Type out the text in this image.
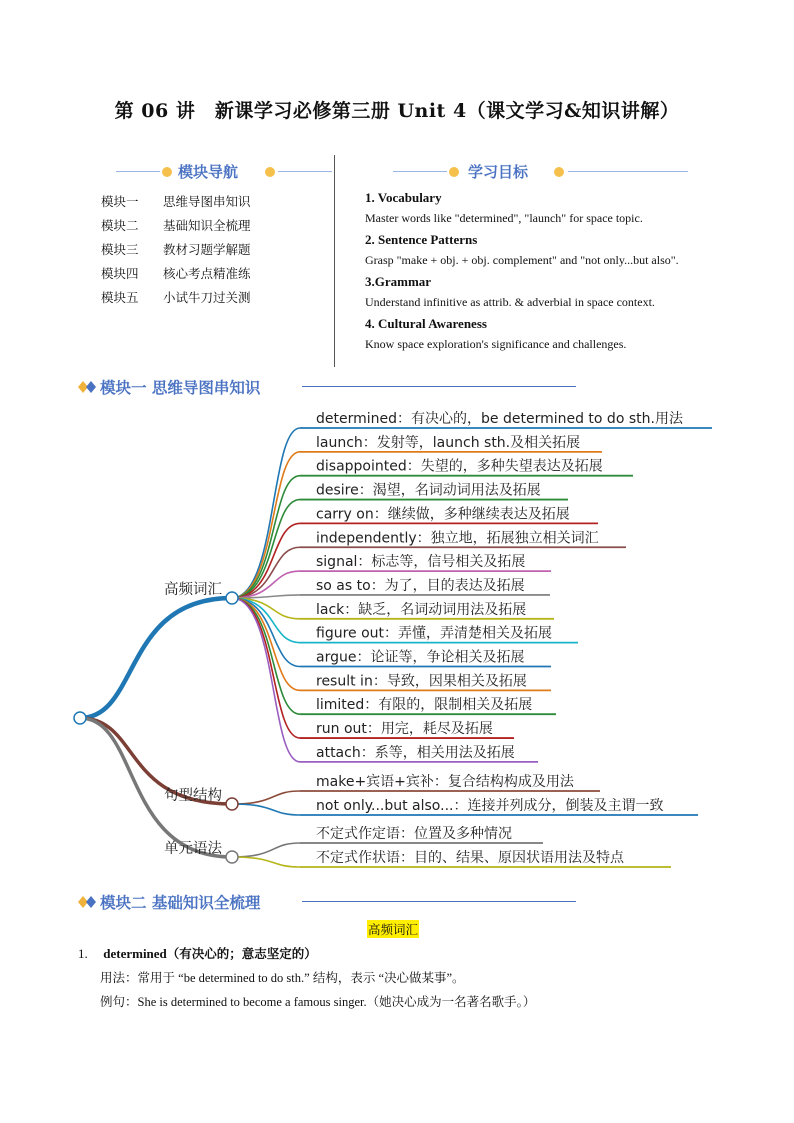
第 06 讲　新课学习必修第三册 Unit 4（课文学习&知识讲解）
模块导航
模块一 思维导图串知识
模块二 基础知识全梳理
模块三 教材习题学解题
模块四 核心考点精准练
模块五 小试牛刀过关测
学习目标
1. Vocabulary
Master words like "determined", "launch" for space topic.
2. Sentence Patterns
Grasp "make + obj. + obj. complement" and "not only...but also".
3.Grammar
Understand infinitive as attrib. & adverbial in space context.
4. Cultural Awareness
Know space exploration's significance and challenges.
模块一 思维导图串知识
高频词汇
determined：有决心的，be determined to do sth.用法
launch：发射等，launch sth.及相关拓展
disappointed：失望的，多种失望表达及拓展
desire：渴望，名词动词用法及拓展
carry on：继续做，多种继续表达及拓展
independently：独立地，拓展独立相关词汇
signal：标志等，信号相关及拓展
so as to：为了，目的表达及拓展
lack：缺乏，名词动词用法及拓展
figure out：弄懂，弄清楚相关及拓展
argue：论证等，争论相关及拓展
result in：导致，因果相关及拓展
limited：有限的，限制相关及拓展
run out：用完，耗尽及拓展
attach：系等，相关用法及拓展
句型结构
make+宾语+宾补：复合结构构成及用法
not only...but also...：连接并列成分，倒装及主谓一致
单元语法
不定式作定语：位置及多种情况
不定式作状语：目的、结果、原因状语用法及特点
模块二 基础知识全梳理
高频词汇
1. determined（有决心的；意志坚定的）
用法：常用于 “be determined to do sth.” 结构，表示 “决心做某事”。
例句：She is determined to become a famous singer.（她决心成为一名著名歌手。）
